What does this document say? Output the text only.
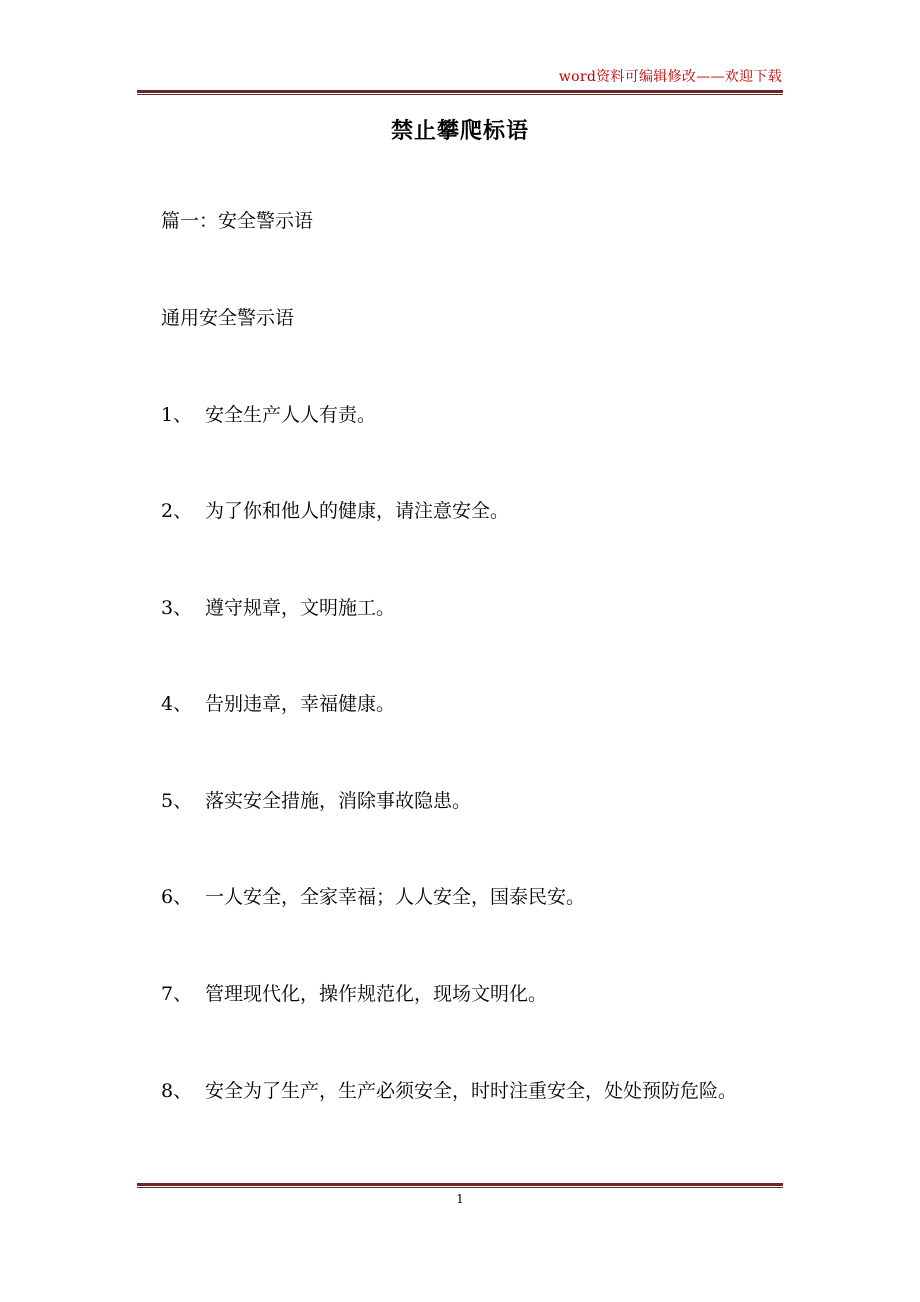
word资料可编辑修改——欢迎下载
禁止攀爬标语
篇一：安全警示语
通用安全警示语
1、 安全生产人人有责。
2、 为了你和他人的健康，请注意安全。
3、 遵守规章，文明施工。
4、 告别违章，幸福健康。
5、 落实安全措施，消除事故隐患。
6、 一人安全，全家幸福；人人安全，国泰民安。
7、 管理现代化，操作规范化，现场文明化。
8、 安全为了生产，生产必须安全，时时注重安全，处处预防危险。
1
